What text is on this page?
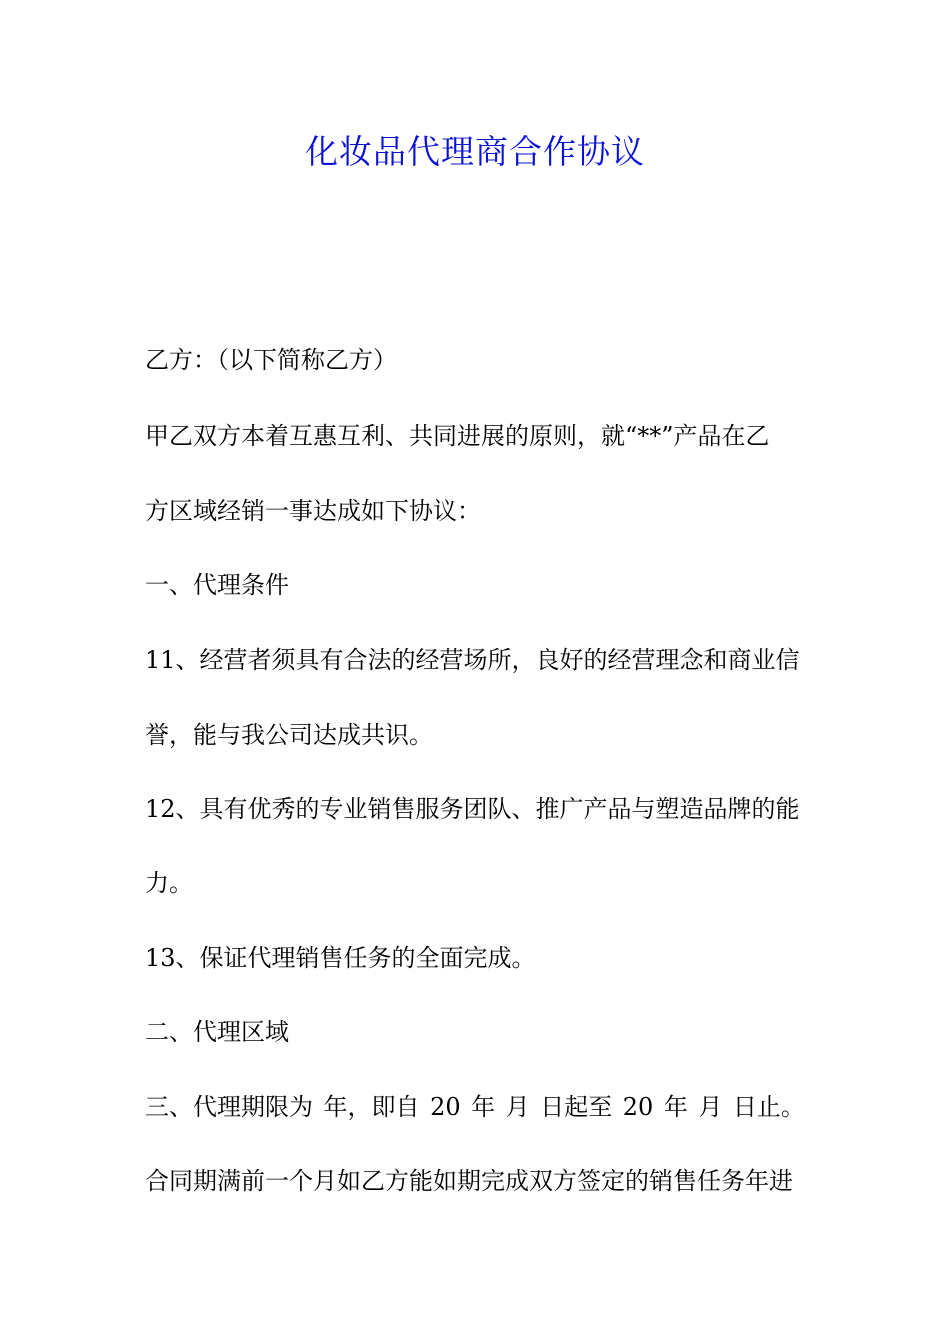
化妆品代理商合作协议

乙方：（以下简称乙方）

甲乙双方本着互惠互利、共同进展的原则，就“**”产品在乙

方区域经销一事达成如下协议：

一、代理条件

11、经营者须具有合法的经营场所，良好的经营理念和商业信

誉，能与我公司达成共识。

12、具有优秀的专业销售服务团队、推广产品与塑造品牌的能

力。

13、保证代理销售任务的全面完成。

二、代理区域

三、代理期限为 年，即自 20 年 月 日起至 20 年 月 日止。

合同期满前一个月如乙方能如期完成双方签定的销售任务年进
